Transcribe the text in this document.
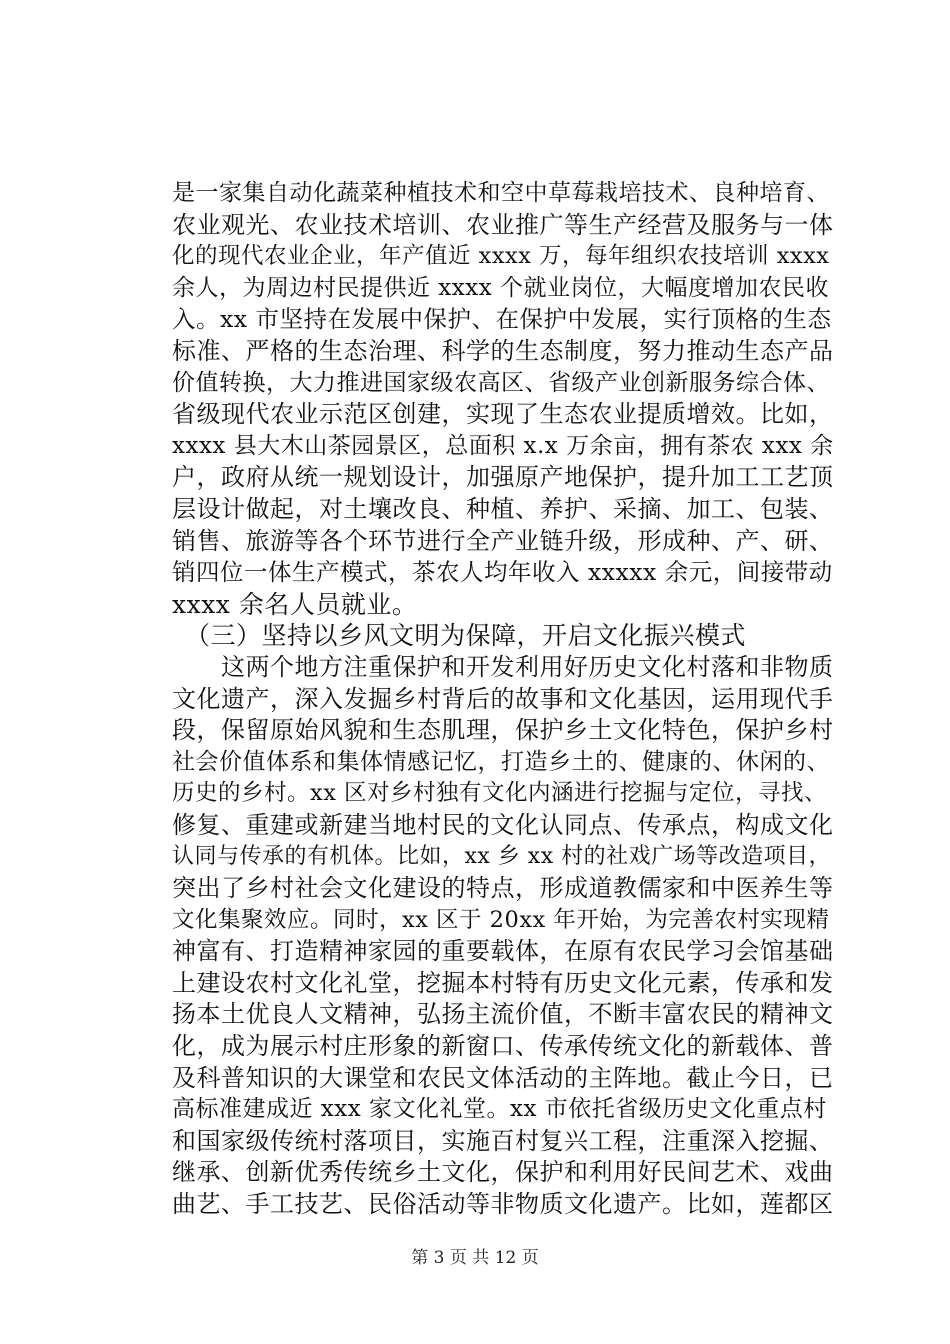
是一家集自动化蔬菜种植技术和空中草莓栽培技术、良种培育、
农业观光、农业技术培训、农业推广等生产经营及服务与一体
化的现代农业企业，年产值近 xxxx 万，每年组织农技培训 xxxx
余人，为周边村民提供近 xxxx 个就业岗位，大幅度增加农民收
入。xx 市坚持在发展中保护、在保护中发展，实行顶格的生态
标准、严格的生态治理、科学的生态制度，努力推动生态产品
价值转换，大力推进国家级农高区、省级产业创新服务综合体、
省级现代农业示范区创建，实现了生态农业提质增效。比如，
xxxx 县大木山茶园景区，总面积 x.x 万余亩，拥有茶农 xxx 余
户，政府从统一规划设计，加强原产地保护，提升加工工艺顶
层设计做起，对土壤改良、种植、养护、采摘、加工、包装、
销售、旅游等各个环节进行全产业链升级，形成种、产、研、
销四位一体生产模式，茶农人均年收入 xxxxx 余元，间接带动
xxxx 余名人员就业。
　（三）坚持以乡风文明为保障，开启文化振兴模式
　　这两个地方注重保护和开发利用好历史文化村落和非物质
文化遗产，深入发掘乡村背后的故事和文化基因，运用现代手
段，保留原始风貌和生态肌理，保护乡土文化特色，保护乡村
社会价值体系和集体情感记忆，打造乡土的、健康的、休闲的、
历史的乡村。xx 区对乡村独有文化内涵进行挖掘与定位，寻找、
修复、重建或新建当地村民的文化认同点、传承点，构成文化
认同与传承的有机体。比如，xx 乡 xx 村的社戏广场等改造项目，
突出了乡村社会文化建设的特点，形成道教儒家和中医养生等
文化集聚效应。同时，xx 区于 20xx 年开始，为完善农村实现精
神富有、打造精神家园的重要载体，在原有农民学习会馆基础
上建设农村文化礼堂，挖掘本村特有历史文化元素，传承和发
扬本土优良人文精神，弘扬主流价值，不断丰富农民的精神文
化，成为展示村庄形象的新窗口、传承传统文化的新载体、普
及科普知识的大课堂和农民文体活动的主阵地。截止今日，已
高标准建成近 xxx 家文化礼堂。xx 市依托省级历史文化重点村
和国家级传统村落项目，实施百村复兴工程，注重深入挖掘、
继承、创新优秀传统乡土文化，保护和利用好民间艺术、戏曲
曲艺、手工技艺、民俗活动等非物质文化遗产。比如，莲都区
第 3 页 共 12 页
